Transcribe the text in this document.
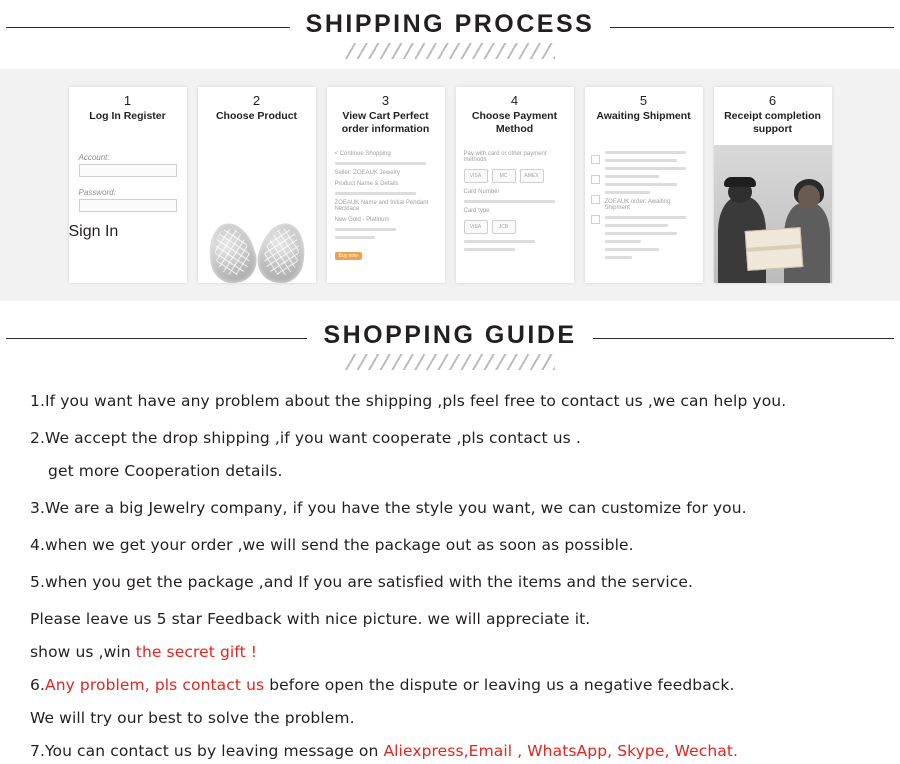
SHIPPING PROCESS
1
Log In Register
Account:
Password:
Sign In
2
Choose Product
3
View Cart Perfect order information
< Continue Shopping
Seller: ZOEAUK Jewelry
Product Name & Details
ZOEAUK Name and Initial Pendant Necklace
New Gold - Platinum
Buy now
4
Choose Payment Method
Pay with card or other payment methods
VISA	MC	AMEX
Card Number
Card type
VISA	JCB
5
Awaiting Shipment
ZOEAUK order: Awaiting Shipment
6
Receipt completion support
SHOPPING GUIDE
1.If you want have any problem about the shipping ,pls feel free to contact us ,we can help you.
2.We accept the drop shipping ,if you want cooperate ,pls contact us .
get more Cooperation details.
3.We are a big Jewelry company, if you have the style you want, we can customize for you.
4.when we get your order ,we will send the package out as soon as possible.
5.when you get the package ,and If you are satisfied with the items and the service.
Please leave us 5 star Feedback with nice picture. we will appreciate it.
show us ,win the secret gift !
6.Any problem, pls contact us before open the dispute or leaving us a negative feedback.
We will try our best to solve the problem.
7.You can contact us by leaving message on Aliexpress,Email , WhatsApp, Skype, Wechat.
